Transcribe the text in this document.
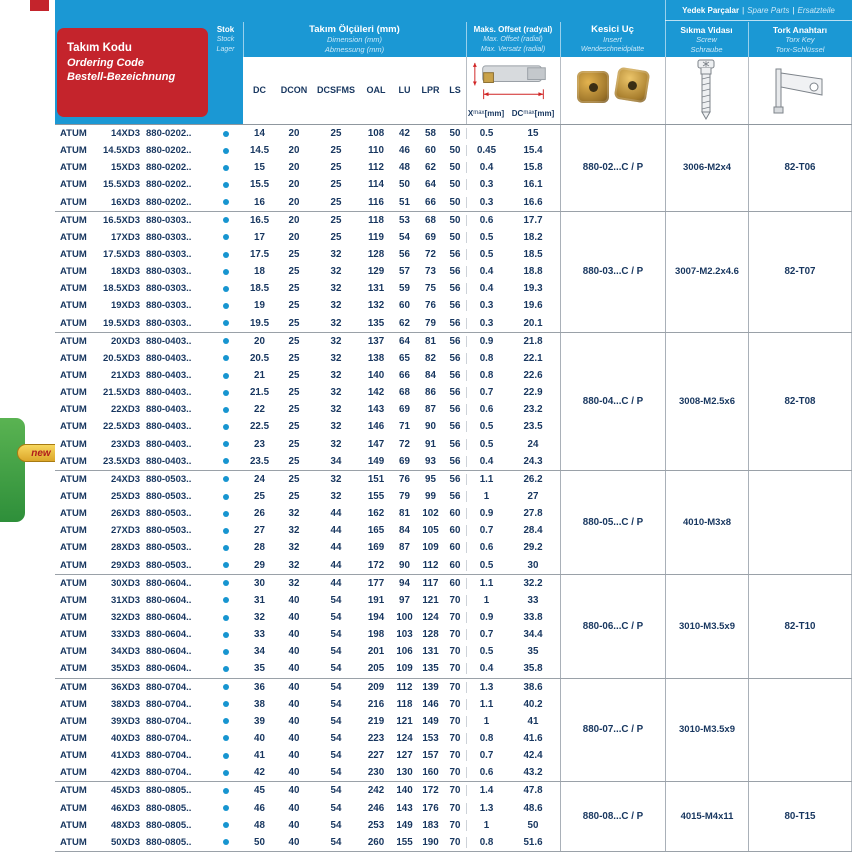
new
Yedek Parçalar | Spare Parts | Ersatzteile
Takım Kodu
Ordering Code
Bestell-Bezeichnung
Stok
Stock
Lager
Takım Ölçüleri (mm)
Dimension (mm)
Abmessung (mm)
Maks. Offset (radyal)
Max. Offset (radial)
Max. Versatz (radial)
Kesici Uç
Insert
Wendeschneidplatte
Sıkma Vidası
Screw
Schraube
Tork Anahtarı
Torx Key
Torx-Schlüssel
DC	DCON	DCSFMS	OAL	LU	LPR	LS
X max [mm] DC max [mm]
ATUM	14XD3 880-0202..	14	20	25	108	42	58	50	0.5	15
ATUM	14.5XD3 880-0202..	14.5	20	25	110	46	60	50	0.45	15.4
ATUM	15XD3 880-0202..	15	20	25	112	48	62	50	0.4	15.8
ATUM	15.5XD3 880-0202..	15.5	20	25	114	50	64	50	0.3	16.1
ATUM	16XD3 880-0202..	16	20	25	116	51	66	50	0.3	16.6
880-02...C / P	3006-M2x4	82-T06
ATUM	16.5XD3 880-0303..	16.5	20	25	118	53	68	50	0.6	17.7
ATUM	17XD3 880-0303..	17	20	25	119	54	69	50	0.5	18.2
ATUM	17.5XD3 880-0303..	17.5	25	32	128	56	72	56	0.5	18.5
ATUM	18XD3 880-0303..	18	25	32	129	57	73	56	0.4	18.8
ATUM	18.5XD3 880-0303..	18.5	25	32	131	59	75	56	0.4	19.3
ATUM	19XD3 880-0303..	19	25	32	132	60	76	56	0.3	19.6
ATUM	19.5XD3 880-0303..	19.5	25	32	135	62	79	56	0.3	20.1
880-03...C / P	3007-M2.2x4.6	82-T07
ATUM	20XD3 880-0403..	20	25	32	137	64	81	56	0.9	21.8
ATUM	20.5XD3 880-0403..	20.5	25	32	138	65	82	56	0.8	22.1
ATUM	21XD3 880-0403..	21	25	32	140	66	84	56	0.8	22.6
ATUM	21.5XD3 880-0403..	21.5	25	32	142	68	86	56	0.7	22.9
ATUM	22XD3 880-0403..	22	25	32	143	69	87	56	0.6	23.2
ATUM	22.5XD3 880-0403..	22.5	25	32	146	71	90	56	0.5	23.5
ATUM	23XD3 880-0403..	23	25	32	147	72	91	56	0.5	24
ATUM	23.5XD3 880-0403..	23.5	25	34	149	69	93	56	0.4	24.3
880-04...C / P	3008-M2.5x6	82-T08
ATUM	24XD3 880-0503..	24	25	32	151	76	95	56	1.1	26.2
ATUM	25XD3 880-0503..	25	25	32	155	79	99	56	1	27
ATUM	26XD3 880-0503..	26	32	44	162	81	102	60	0.9	27.8
ATUM	27XD3 880-0503..	27	32	44	165	84	105	60	0.7	28.4
ATUM	28XD3 880-0503..	28	32	44	169	87	109	60	0.6	29.2
ATUM	29XD3 880-0503..	29	32	44	172	90	112	60	0.5	30
880-05...C / P	4010-M3x8
ATUM	30XD3 880-0604..	30	32	44	177	94	117	60	1.1	32.2
ATUM	31XD3 880-0604..	31	40	54	191	97	121	70	1	33
ATUM	32XD3 880-0604..	32	40	54	194	100 124	70	0.9	33.8
ATUM	33XD3 880-0604..	33	40	54	198	103 128	70	0.7	34.4
ATUM	34XD3 880-0604..	34	40	54	201	106 131	70	0.5	35
ATUM	35XD3 880-0604..	35	40	54	205	109 135	70	0.4	35.8
880-06...C / P	3010-M3.5x9	82-T10
ATUM	36XD3 880-0704..	36	40	54	209	112	139	70	1.3	38.6
ATUM	38XD3 880-0704..	38	40	54	216	118	146	70	1.1	40.2
ATUM	39XD3 880-0704..	39	40	54	219	121 149	70	1	41
ATUM	40XD3 880-0704..	40	40	54	223	124 153	70	0.8	41.6
ATUM	41XD3 880-0704..	41	40	54	227	127 157	70	0.7	42.4
ATUM	42XD3 880-0704..	42	40	54	230	130 160	70	0.6	43.2
880-07...C / P	3010-M3.5x9
ATUM	45XD3 880-0805..	45	40	54	242	140 172	70	1.4	47.8
ATUM	46XD3 880-0805..	46	40	54	246	143 176	70	1.3	48.6
ATUM	48XD3 880-0805..	48	40	54	253	149 183	70	1	50
ATUM	50XD3 880-0805..	50	40	54	260	155 190	70	0.8	51.6
880-08...C / P	4015-M4x11	80-T15
